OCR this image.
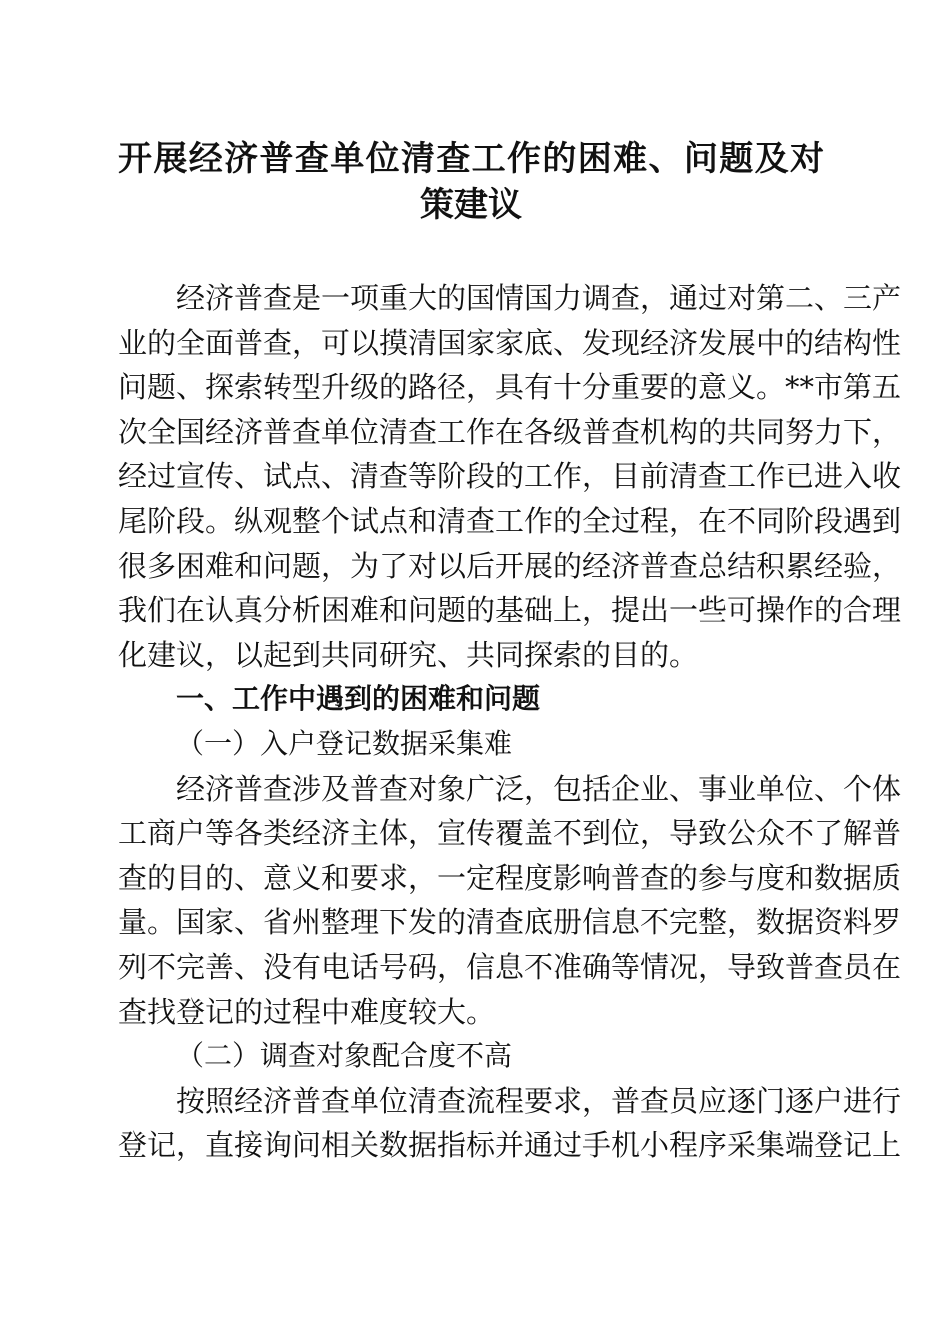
开展经济普查单位清查工作的困难、问题及对
策建议
经济普查是一项重大的国情国力调查，通过对第二、三产
业的全面普查，可以摸清国家家底、发现经济发展中的结构性
问题、探索转型升级的路径，具有十分重要的意义。**市第五
次全国经济普查单位清查工作在各级普查机构的共同努力下，
经过宣传、试点、清查等阶段的工作，目前清查工作已进入收
尾阶段。纵观整个试点和清查工作的全过程，在不同阶段遇到
很多困难和问题，为了对以后开展的经济普查总结积累经验，
我们在认真分析困难和问题的基础上，提出一些可操作的合理
化建议，以起到共同研究、共同探索的目的。
一、工作中遇到的困难和问题
（一）入户登记数据采集难
经济普查涉及普查对象广泛，包括企业、事业单位、个体
工商户等各类经济主体，宣传覆盖不到位，导致公众不了解普
查的目的、意义和要求，一定程度影响普查的参与度和数据质
量。国家、省州整理下发的清查底册信息不完整，数据资料罗
列不完善、没有电话号码，信息不准确等情况，导致普查员在
查找登记的过程中难度较大。
（二）调查对象配合度不高
按照经济普查单位清查流程要求，普查员应逐门逐户进行
登记，直接询问相关数据指标并通过手机小程序采集端登记上
